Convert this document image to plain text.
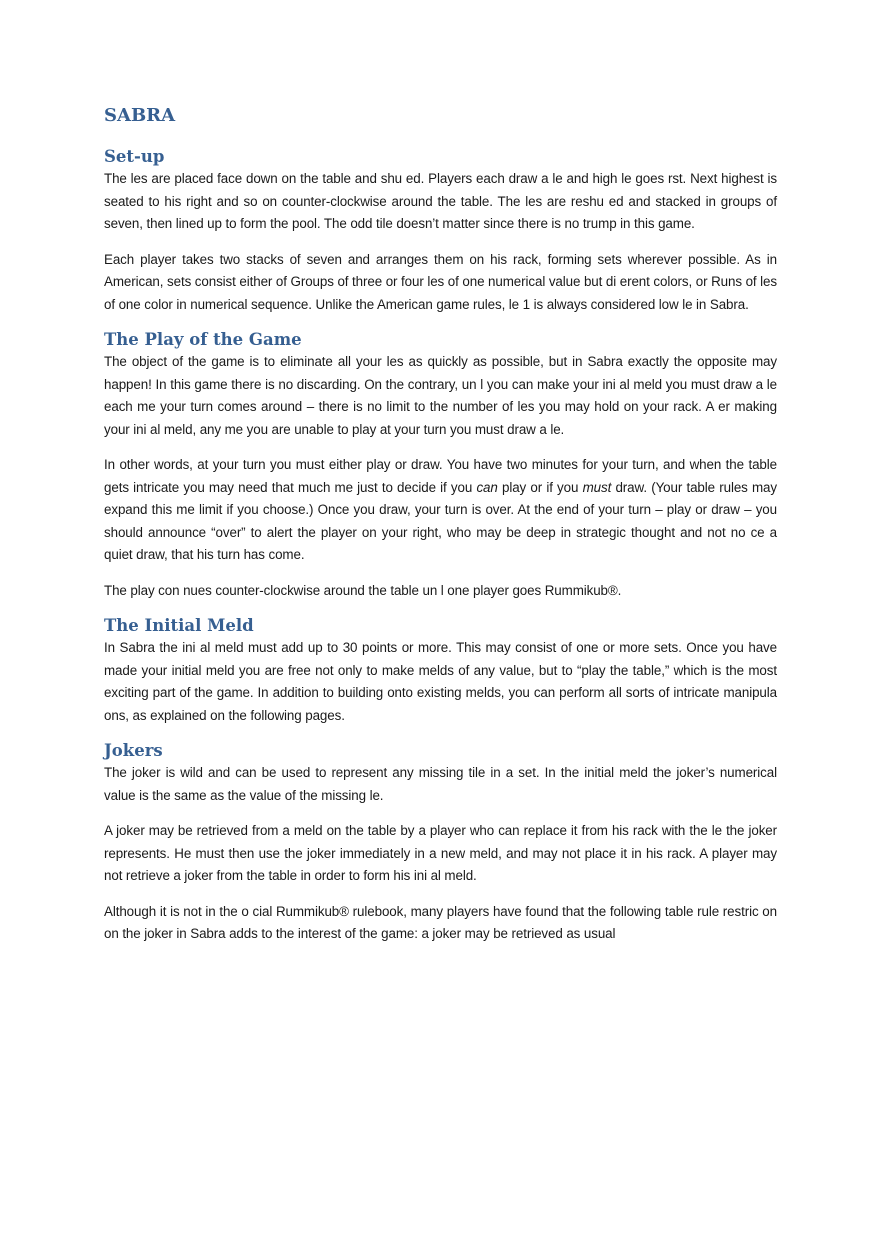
SABRA
Set-up

The les are placed face down on the table and shu ed. Players each draw a le and high le goes rst. Next highest is seated to his right and so on counter-clockwise around the table. The les are reshu ed and stacked in groups of seven, then lined up to form the pool. The odd tile doesn’t matter since there is no trump in this game.

Each player takes two stacks of seven and arranges them on his rack, forming sets wherever possible. As in American, sets consist either of Groups of three or four les of one numerical value but di erent colors, or Runs of les of one color in numerical sequence. Unlike the American game rules, le 1 is always considered low le in Sabra.

The Play of the Game

The object of the game is to eliminate all your les as quickly as possible, but in Sabra exactly the opposite may happen! In this game there is no discarding. On the contrary, un l you can make your ini al meld you must draw a le each me your turn comes around – there is no limit to the number of les you may hold on your rack. A er making your ini al meld, any me you are unable to play at your turn you must draw a le.

In other words, at your turn you must either play or draw. You have two minutes for your turn, and when the table gets intricate you may need that much me just to decide if you can play or if you must draw. (Your table rules may expand this me limit if you choose.) Once you draw, your turn is over. At the end of your turn – play or draw – you should announce “over” to alert the player on your right, who may be deep in strategic thought and not no ce a quiet draw, that his turn has come.

The play con nues counter-clockwise around the table un l one player goes Rummikub®.

The Initial Meld

In Sabra the ini al meld must add up to 30 points or more. This may consist of one or more sets. Once you have made your initial meld you are free not only to make melds of any value, but to “play the table,” which is the most exciting part of the game. In addition to building onto existing melds, you can perform all sorts of intricate manipula ons, as explained on the following pages.

Jokers

The joker is wild and can be used to represent any missing tile in a set. In the initial meld the joker’s numerical value is the same as the value of the missing le.

A joker may be retrieved from a meld on the table by a player who can replace it from his rack with the le the joker represents. He must then use the joker immediately in a new meld, and may not place it in his rack. A player may not retrieve a joker from the table in order to form his ini al meld.

Although it is not in the o cial Rummikub® rulebook, many players have found that the following table rule restric on on the joker in Sabra adds to the interest of the game: a joker may be retrieved as usual
